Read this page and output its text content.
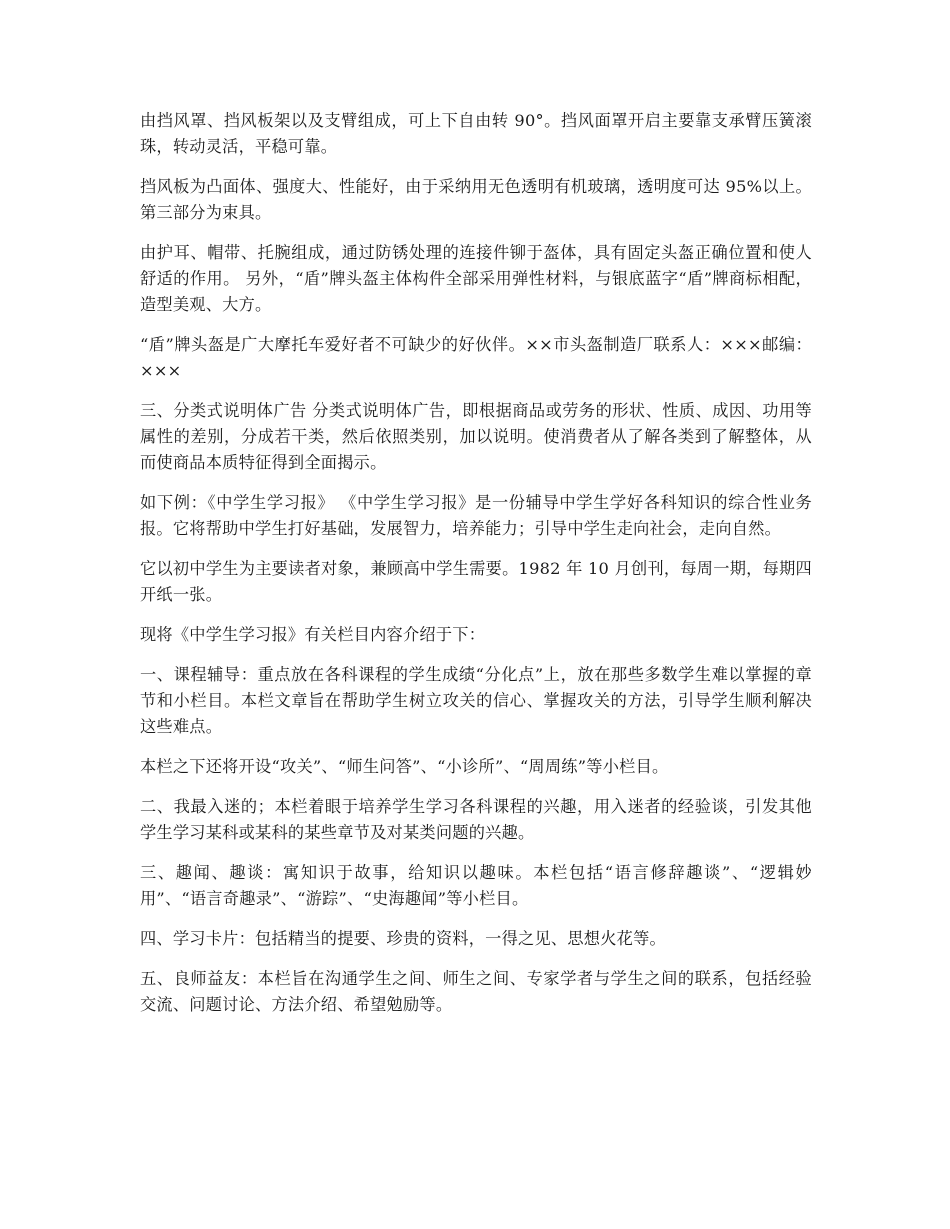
由挡风罩、挡风板架以及支臂组成，可上下自由转 90°。挡风面罩开启主要靠支承臂压簧滚珠，转动灵活，平稳可靠。

挡风板为凸面体、强度大、性能好，由于采纳用无色透明有机玻璃，透明度可达 95%以上。 第三部分为束具。

由护耳、帽带、托腕组成，通过防锈处理的连接件铆于盔体，具有固定头盔正确位置和使人舒适的作用。 另外，“盾”牌头盔主体构件全部采用弹性材料，与银底蓝字“盾”牌商标相配，造型美观、大方。

“盾”牌头盔是广大摩托车爱好者不可缺少的好伙伴。××市头盔制造厂联系人：×××邮编：×××

三、分类式说明体广告 分类式说明体广告，即根据商品或劳务的形状、性质、成因、功用等属性的差别，分成若干类，然后依照类别，加以说明。使消费者从了解各类到了解整体，从而使商品本质特征得到全面揭示。

如下例：《中学生学习报》 《中学生学习报》是一份辅导中学生学好各科知识的综合性业务报。它将帮助中学生打好基础，发展智力，培养能力；引导中学生走向社会，走向自然。

它以初中学生为主要读者对象，兼顾高中学生需要。1982 年 10 月创刊，每周一期，每期四开纸一张。

现将《中学生学习报》有关栏目内容介绍于下：

一、课程辅导：重点放在各科课程的学生成绩“分化点”上，放在那些多数学生难以掌握的章节和小栏目。本栏文章旨在帮助学生树立攻关的信心、掌握攻关的方法，引导学生顺利解决这些难点。

本栏之下还将开设“攻关”、“师生问答”、“小诊所”、“周周练”等小栏目。

二、我最入迷的；本栏着眼于培养学生学习各科课程的兴趣，用入迷者的经验谈，引发其他学生学习某科或某科的某些章节及对某类问题的兴趣。

三、趣闻、趣谈：寓知识于故事，给知识以趣味。本栏包括“语言修辞趣谈”、“逻辑妙用”、“语言奇趣录”、“游踪”、“史海趣闻”等小栏目。

四、学习卡片：包括精当的提要、珍贵的资料，一得之见、思想火花等。

五、良师益友：本栏旨在沟通学生之间、师生之间、专家学者与学生之间的联系，包括经验交流、问题讨论、方法介绍、希望勉励等。
